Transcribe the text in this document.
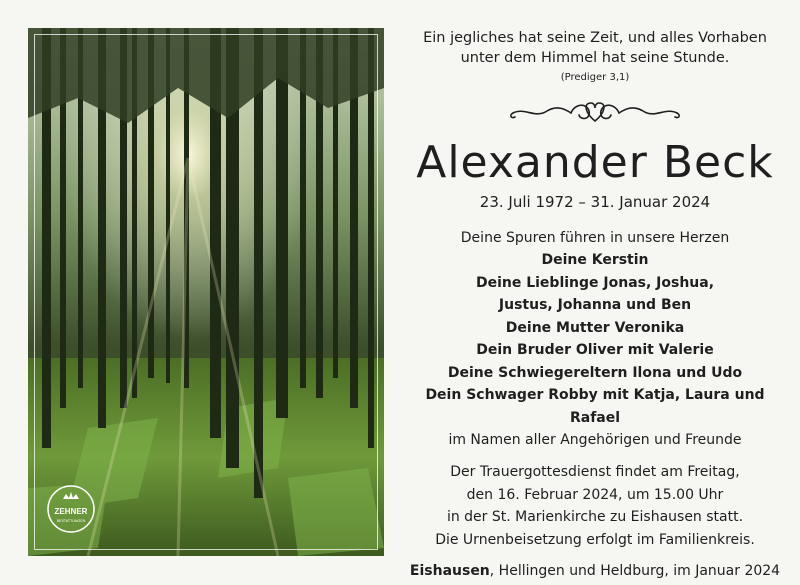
ZEHNER
BESTATTUNGEN
Ein jegliches hat seine Zeit, und alles Vorhaben
unter dem Himmel hat seine Stunde.
(Prediger 3,1)
Alexander Beck
23. Juli 1972 – 31. Januar 2024
Deine Spuren führen in unsere Herzen
Deine Kerstin
Deine Lieblinge Jonas, Joshua,
Justus, Johanna und Ben
Deine Mutter Veronika
Dein Bruder Oliver mit Valerie
Deine Schwiegereltern Ilona und Udo
Dein Schwager Robby mit Katja, Laura und Rafael
im Namen aller Angehörigen und Freunde
Der Trauergottesdienst findet am Freitag,
den 16. Februar 2024, um 15.00 Uhr
in der St. Marienkirche zu Eishausen statt.
Die Urnenbeisetzung erfolgt im Familienkreis.
Eishausen, Hellingen und Heldburg, im Januar 2024
